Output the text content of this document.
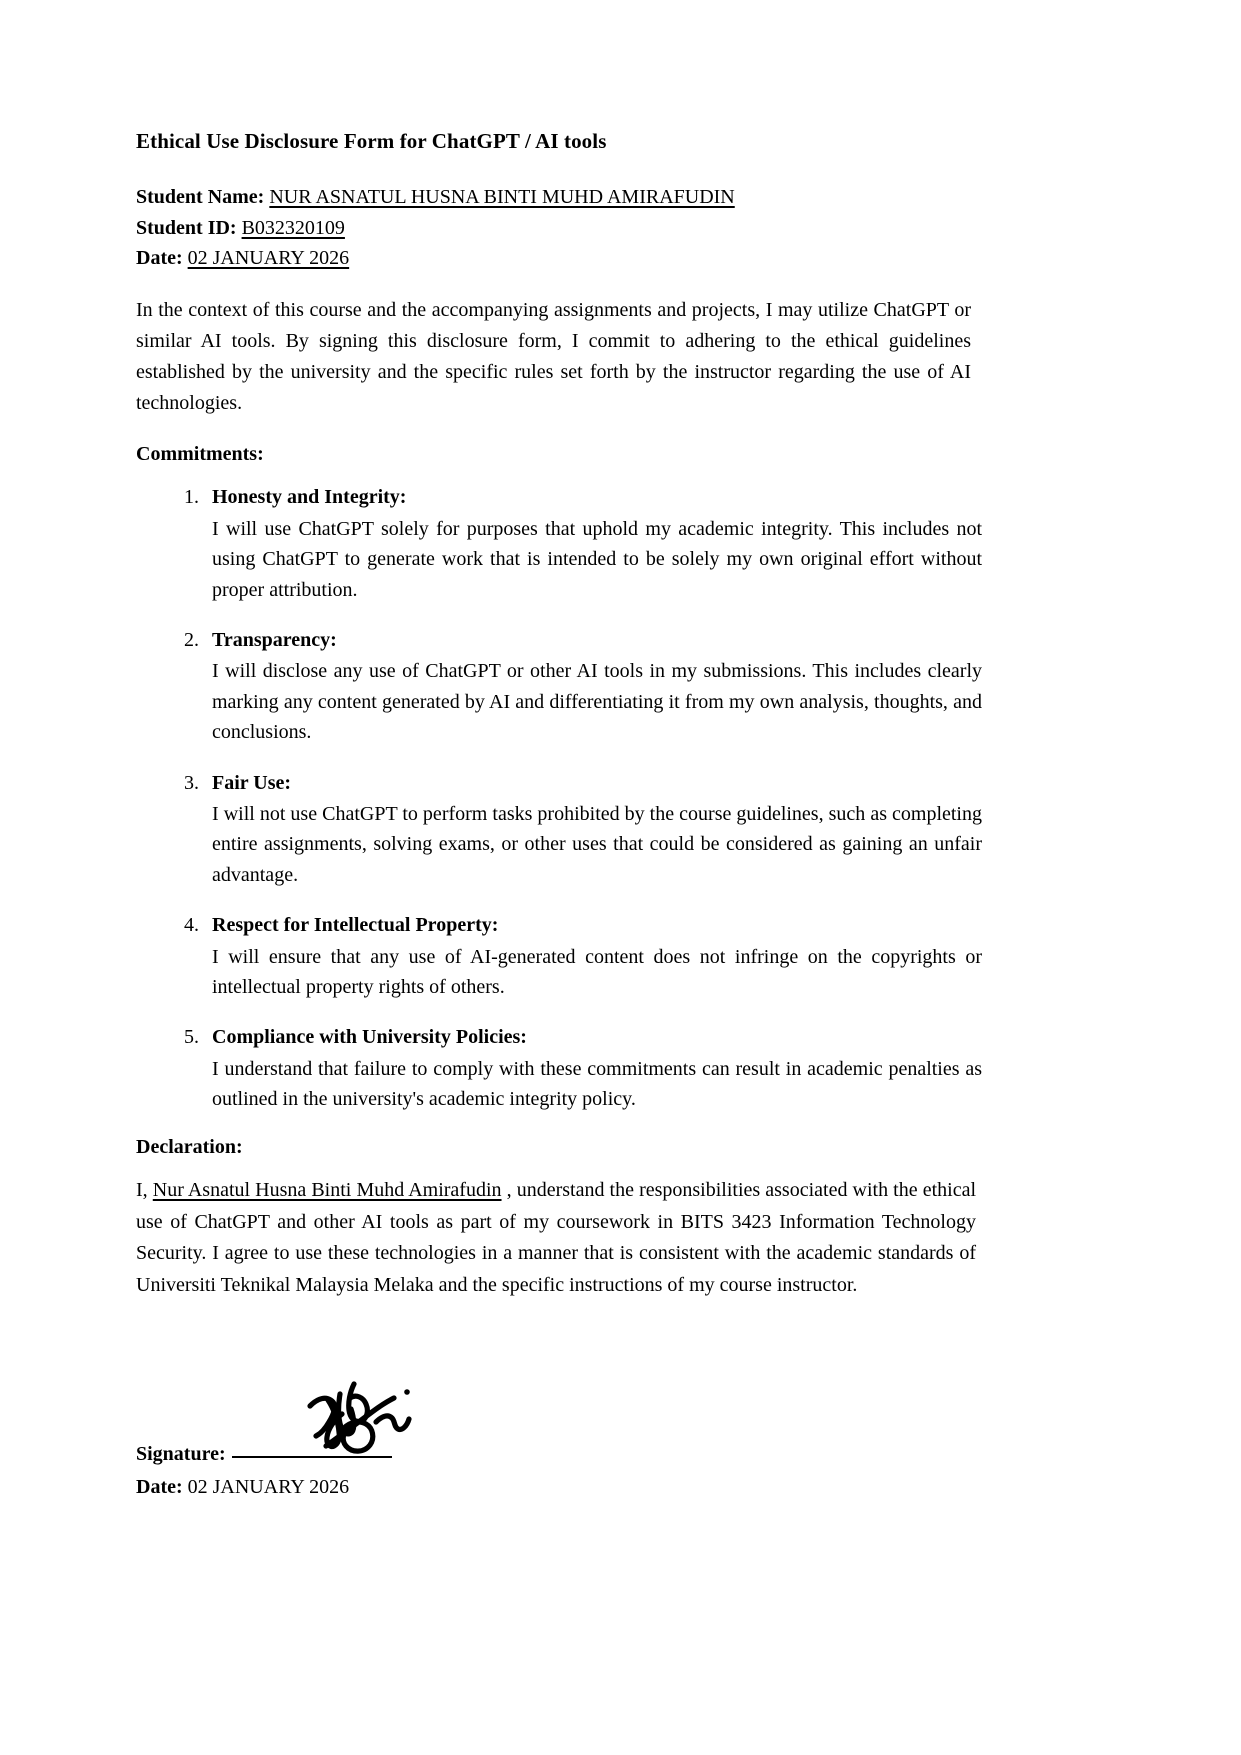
Ethical Use Disclosure Form for ChatGPT / AI tools
Student Name: NUR ASNATUL HUSNA BINTI MUHD AMIRAFUDIN
Student ID: B032320109
Date: 02 JANUARY 2026

In the context of this course and the accompanying assignments and projects, I may utilize ChatGPT or similar AI tools. By signing this disclosure form, I commit to adhering to the ethical guidelines established by the university and the specific rules set forth by the instructor regarding the use of AI technologies.

Commitments:
1. Honesty and Integrity:
I will use ChatGPT solely for purposes that uphold my academic integrity. This includes not using ChatGPT to generate work that is intended to be solely my own original effort without proper attribution.
2. Transparency:
I will disclose any use of ChatGPT or other AI tools in my submissions. This includes clearly marking any content generated by AI and differentiating it from my own analysis, thoughts, and conclusions.
3. Fair Use:
I will not use ChatGPT to perform tasks prohibited by the course guidelines, such as completing entire assignments, solving exams, or other uses that could be considered as gaining an unfair advantage.
4. Respect for Intellectual Property:
I will ensure that any use of AI-generated content does not infringe on the copyrights or intellectual property rights of others.
5. Compliance with University Policies:
I understand that failure to comply with these commitments can result in academic penalties as outlined in the university's academic integrity policy.
Declaration:

I, Nur Asnatul Husna Binti Muhd Amirafudin , understand the responsibilities associated with the ethical use of ChatGPT and other AI tools as part of my coursework in BITS 3423 Information Technology Security. I agree to use these technologies in a manner that is consistent with the academic standards of Universiti Teknikal Malaysia Melaka and the specific instructions of my course instructor.

Signature:
Date: 02 JANUARY 2026
